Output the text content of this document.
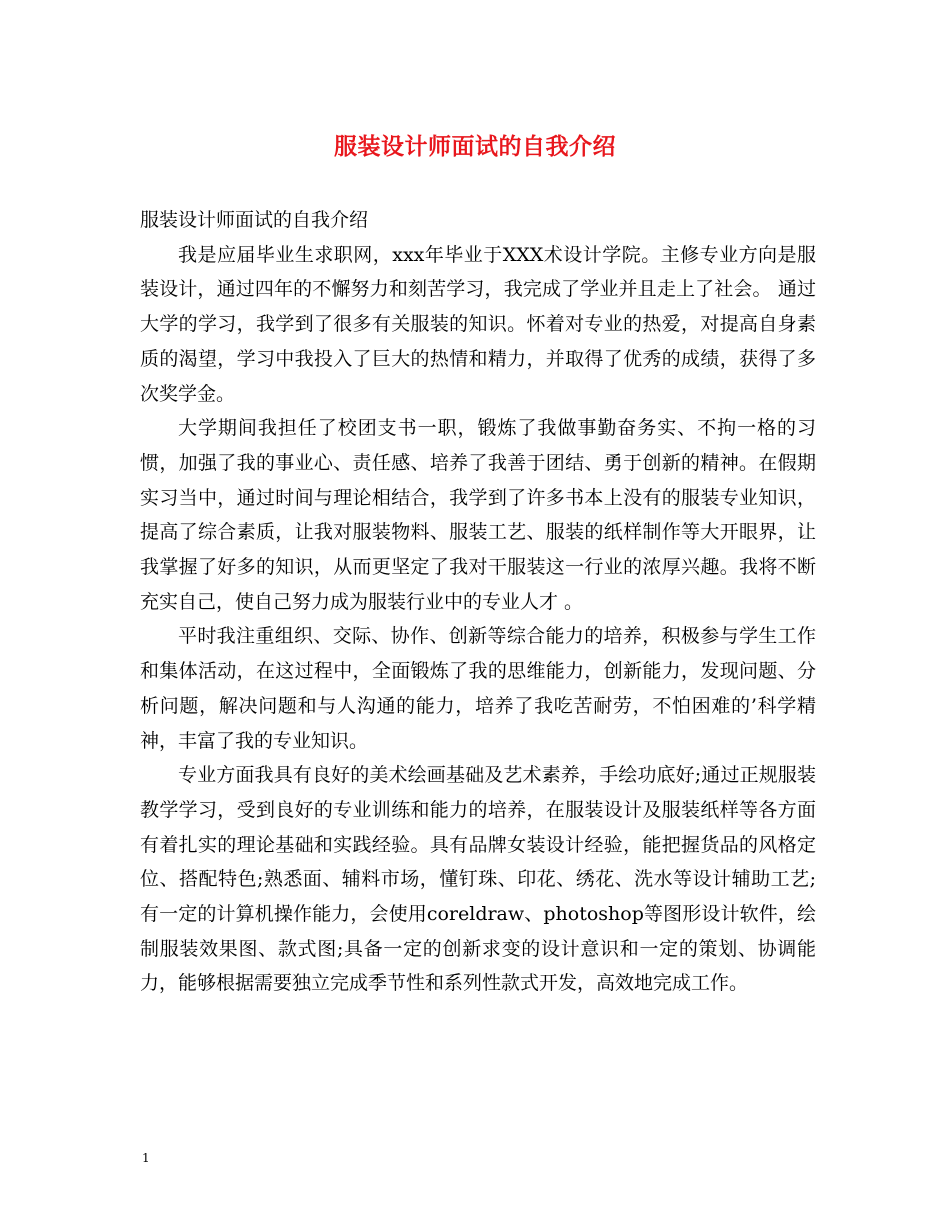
服装设计师面试的自我介绍

服装设计师面试的自我介绍

我是应届毕业生求职网，xxx年毕业于XXX术设计学院。主修专业方向是服装设计，通过四年的不懈努力和刻苦学习，我完成了学业并且走上了社会。 通过大学的学习，我学到了很多有关服装的知识。怀着对专业的热爱，对提高自身素质的渴望，学习中我投入了巨大的热情和精力，并取得了优秀的成绩，获得了多次奖学金。

大学期间我担任了校团支书一职，锻炼了我做事勤奋务实、不拘一格的习惯，加强了我的事业心、责任感、培养了我善于团结、勇于创新的精神。在假期实习当中，通过时间与理论相结合，我学到了许多书本上没有的服装专业知识，提高了综合素质，让我对服装物料、服装工艺、服装的纸样制作等大开眼界，让我掌握了好多的知识，从而更坚定了我对干服装这一行业的浓厚兴趣。我将不断充实自己，使自己努力成为服装行业中的专业人才 。

平时我注重组织、交际、协作、创新等综合能力的培养，积极参与学生工作和集体活动，在这过程中，全面锻炼了我的思维能力，创新能力，发现问题、分析问题，解决问题和与人沟通的能力，培养了我吃苦耐劳，不怕困难的’科学精神，丰富了我的专业知识。

专业方面我具有良好的美术绘画基础及艺术素养，手绘功底好;通过正规服装教学学习，受到良好的专业训练和能力的培养，在服装设计及服装纸样等各方面有着扎实的理论基础和实践经验。具有品牌女装设计经验，能把握货品的风格定位、搭配特色;熟悉面、辅料市场，懂钉珠、印花、绣花、洗水等设计辅助工艺;有一定的计算机操作能力，会使用coreldraw、photoshop等图形设计软件，绘制服装效果图、款式图;具备一定的创新求变的设计意识和一定的策划、协调能力，能够根据需要独立完成季节性和系列性款式开发，高效地完成工作。

1
